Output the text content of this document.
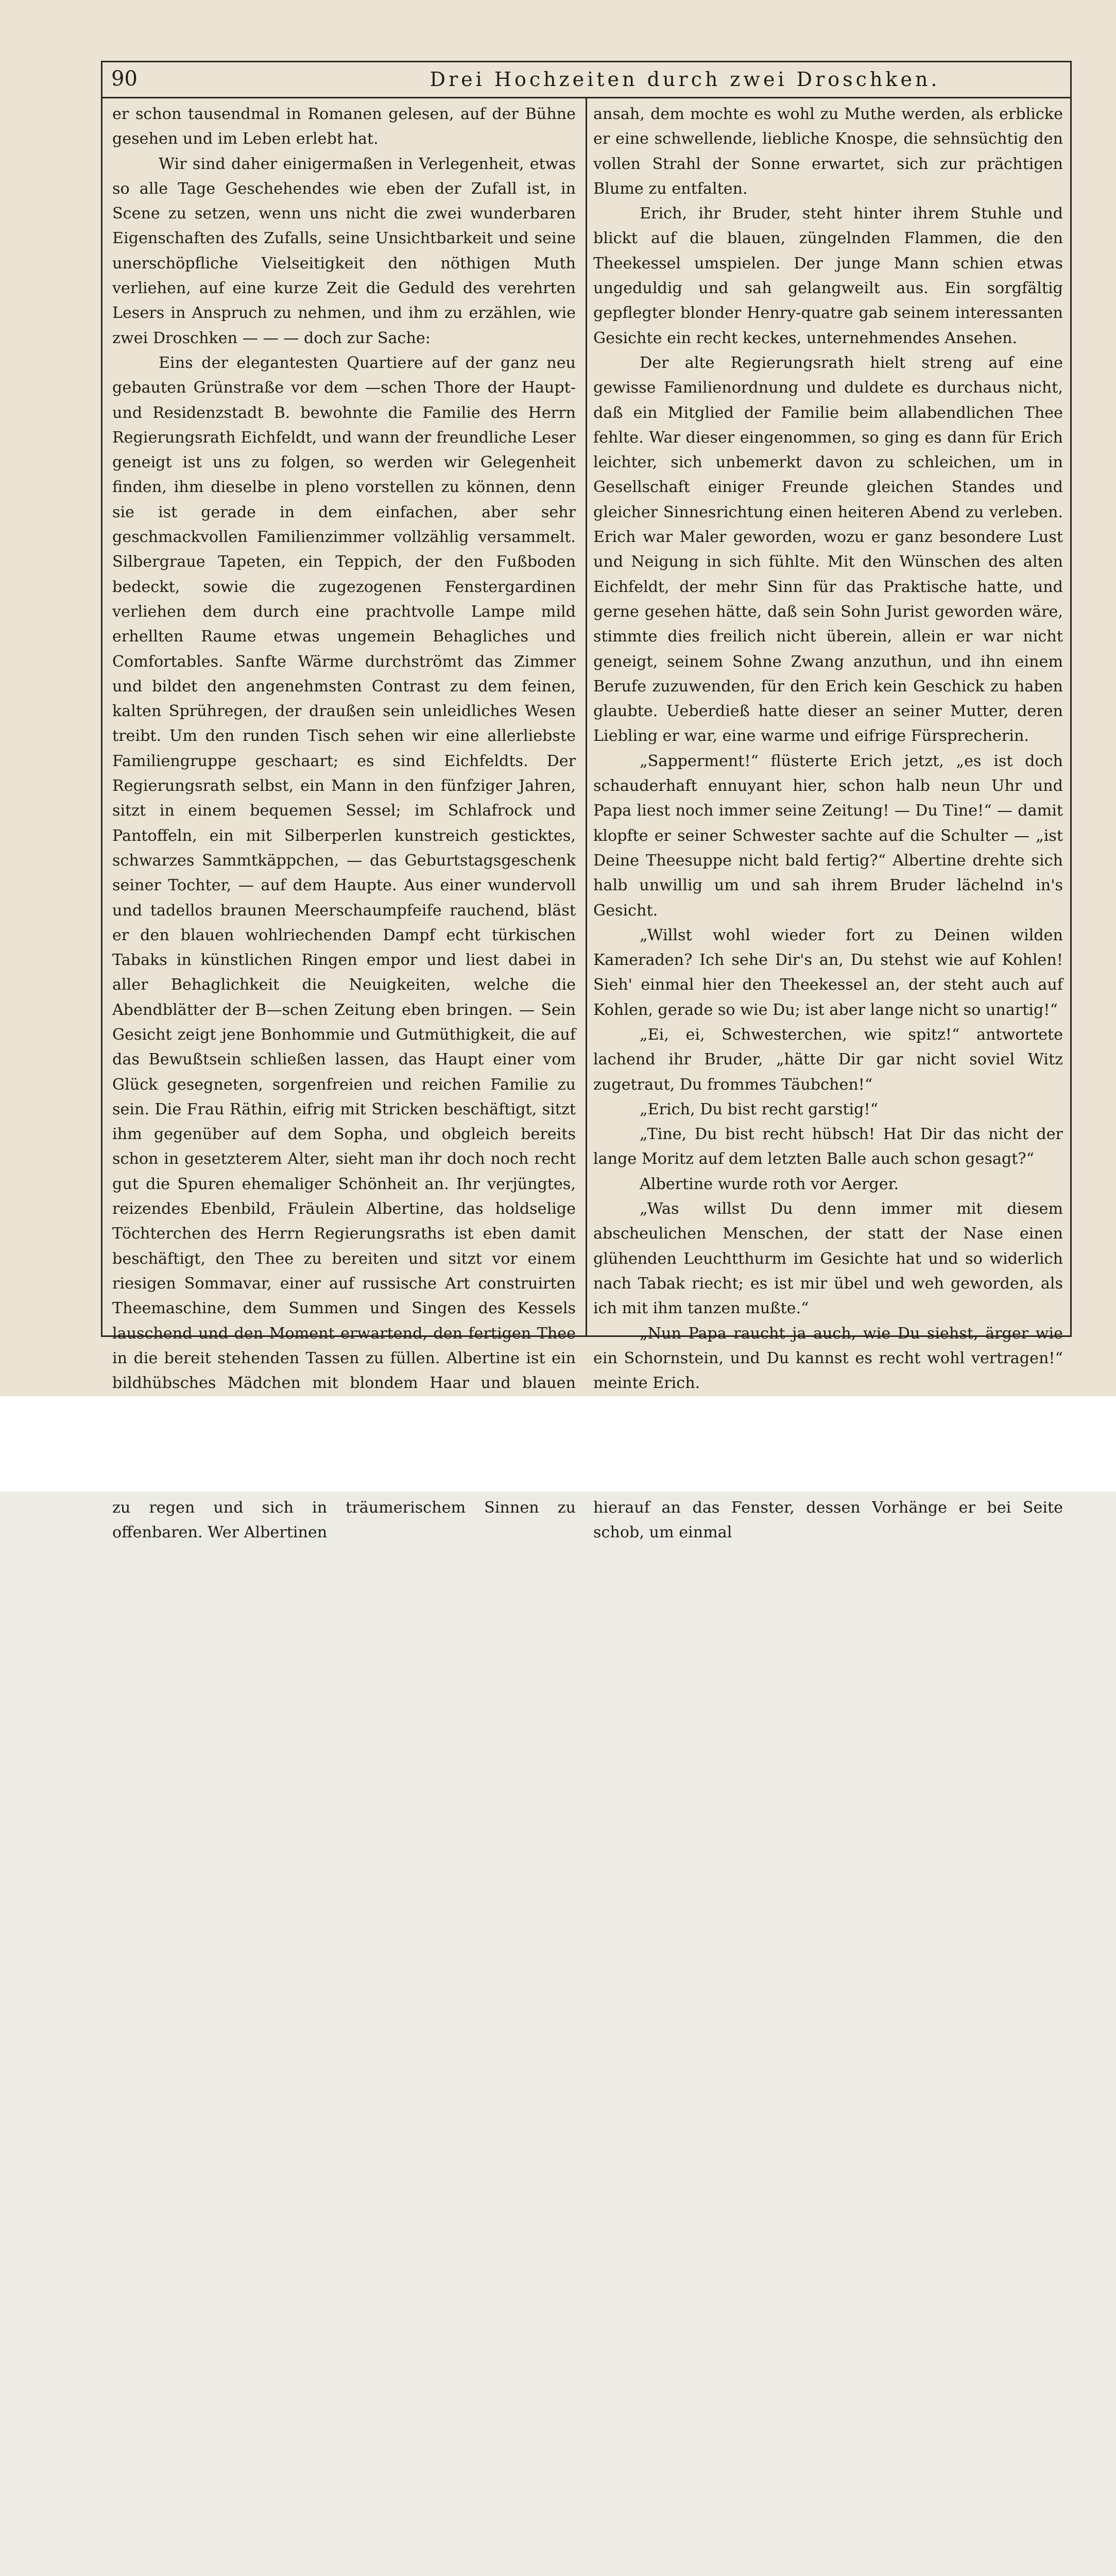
90	Drei Hochzeiten durch zwei Droschken.

er schon tausendmal in Romanen gelesen, auf der Bühne gesehen und im Leben erlebt hat.

Wir sind daher einigermaßen in Verlegenheit, etwas so alle Tage Geschehendes wie eben der Zufall ist, in Scene zu setzen, wenn uns nicht die zwei wunderbaren Eigenschaften des Zufalls, seine Unsichtbarkeit und seine unerschöpfliche Vielseitigkeit den nöthigen Muth verliehen, auf eine kurze Zeit die Geduld des verehrten Lesers in Anspruch zu nehmen, und ihm zu erzählen, wie zwei Droschken — — — doch zur Sache:

Eins der elegantesten Quartiere auf der ganz neu gebauten Grünstraße vor dem —schen Thore der Haupt- und Residenzstadt B. bewohnte die Familie des Herrn Regierungsrath Eichfeldt, und wann der freundliche Leser geneigt ist uns zu folgen, so werden wir Gelegenheit finden, ihm dieselbe in pleno vorstellen zu können, denn sie ist gerade in dem einfachen, aber sehr geschmackvollen Familienzimmer vollzählig versammelt. Silbergraue Tapeten, ein Teppich, der den Fußboden bedeckt, sowie die zugezogenen Fenstergardinen verliehen dem durch eine prachtvolle Lampe mild erhellten Raume etwas ungemein Behagliches und Comfortables. Sanfte Wärme durchströmt das Zimmer und bildet den angenehmsten Contrast zu dem feinen, kalten Sprühregen, der draußen sein unleidliches Wesen treibt. Um den runden Tisch sehen wir eine allerliebste Familiengruppe geschaart; es sind Eichfeldts. Der Regierungsrath selbst, ein Mann in den fünfziger Jahren, sitzt in einem bequemen Sessel; im Schlafrock und Pantoffeln, ein mit Silberperlen kunstreich gesticktes, schwarzes Sammtkäppchen, — das Geburtstagsgeschenk seiner Tochter, — auf dem Haupte. Aus einer wundervoll und tadellos braunen Meerschaumpfeife rauchend, bläst er den blauen wohlriechenden Dampf echt türkischen Tabaks in künstlichen Ringen empor und liest dabei in aller Behaglichkeit die Neuigkeiten, welche die Abendblätter der B—schen Zeitung eben bringen. — Sein Gesicht zeigt jene Bonhommie und Gutmüthigkeit, die auf das Bewußtsein schließen lassen, das Haupt einer vom Glück gesegneten, sorgenfreien und reichen Familie zu sein. Die Frau Räthin, eifrig mit Stricken beschäftigt, sitzt ihm gegenüber auf dem Sopha, und obgleich bereits schon in gesetzterem Alter, sieht man ihr doch noch recht gut die Spuren ehemaliger Schönheit an. Ihr verjüngtes, reizendes Ebenbild, Fräulein Albertine, das holdselige Töchterchen des Herrn Regierungsraths ist eben damit beschäftigt, den Thee zu bereiten und sitzt vor einem riesigen Sommavar, einer auf russische Art construirten Theemaschine, dem Summen und Singen des Kessels lauschend und den Moment erwartend, den fertigen Thee in die bereit stehenden Tassen zu füllen. Albertine ist ein bildhübsches Mädchen mit blondem Haar und blauen zu regen und sich in träumerischem Sinnen zu offenbaren. Wer Albertinen

ansah, dem mochte es wohl zu Muthe werden, als erblicke er eine schwellende, liebliche Knospe, die sehnsüchtig den vollen Strahl der Sonne erwartet, sich zur prächtigen Blume zu entfalten.

Erich, ihr Bruder, steht hinter ihrem Stuhle und blickt auf die blauen, züngelnden Flammen, die den Theekessel umspielen. Der junge Mann schien etwas ungeduldig und sah gelangweilt aus. Ein sorgfältig gepflegter blonder Henry-quatre gab seinem interessanten Gesichte ein recht keckes, unternehmendes Ansehen.

Der alte Regierungsrath hielt streng auf eine gewisse Familienordnung und duldete es durchaus nicht, daß ein Mitglied der Familie beim allabendlichen Thee fehlte. War dieser eingenommen, so ging es dann für Erich leichter, sich unbemerkt davon zu schleichen, um in Gesellschaft einiger Freunde gleichen Standes und gleicher Sinnesrichtung einen heiteren Abend zu verleben. Erich war Maler geworden, wozu er ganz besondere Lust und Neigung in sich fühlte. Mit den Wünschen des alten Eichfeldt, der mehr Sinn für das Praktische hatte, und gerne gesehen hätte, daß sein Sohn Jurist geworden wäre, stimmte dies freilich nicht überein, allein er war nicht geneigt, seinem Sohne Zwang anzuthun, und ihn einem Berufe zuzuwenden, für den Erich kein Geschick zu haben glaubte. Ueberdieß hatte dieser an seiner Mutter, deren Liebling er war, eine warme und eifrige Fürsprecherin.

„Sapperment!“ flüsterte Erich jetzt, „es ist doch schauderhaft ennuyant hier, schon halb neun Uhr und Papa liest noch immer seine Zeitung! — Du Tine!“ — damit klopfte er seiner Schwester sachte auf die Schulter — „ist Deine Theesuppe nicht bald fertig?“ Albertine drehte sich halb unwillig um und sah ihrem Bruder lächelnd in's Gesicht.

„Willst wohl wieder fort zu Deinen wilden Kameraden? Ich sehe Dir's an, Du stehst wie auf Kohlen! Sieh' einmal hier den Theekessel an, der steht auch auf Kohlen, gerade so wie Du; ist aber lange nicht so unartig!“

„Ei, ei, Schwesterchen, wie spitz!“ antwortete lachend ihr Bruder, „hätte Dir gar nicht soviel Witz zugetraut, Du frommes Täubchen!“

„Erich, Du bist recht garstig!“

„Tine, Du bist recht hübsch! Hat Dir das nicht der lange Moritz auf dem letzten Balle auch schon gesagt?“

Albertine wurde roth vor Aerger.

„Was willst Du denn immer mit diesem abscheulichen Menschen, der statt der Nase einen glühenden Leuchtthurm im Gesichte hat und so widerlich nach Tabak riecht; es ist mir übel und weh geworden, als ich mit ihm tanzen mußte.“

„Nun Papa raucht ja auch, wie Du siehst, ärger wie ein Schornstein, und Du kannst es recht wohl vertragen!“ meinte Erich.

hierauf an das Fenster, dessen Vorhänge er bei Seite schob, um einmal
